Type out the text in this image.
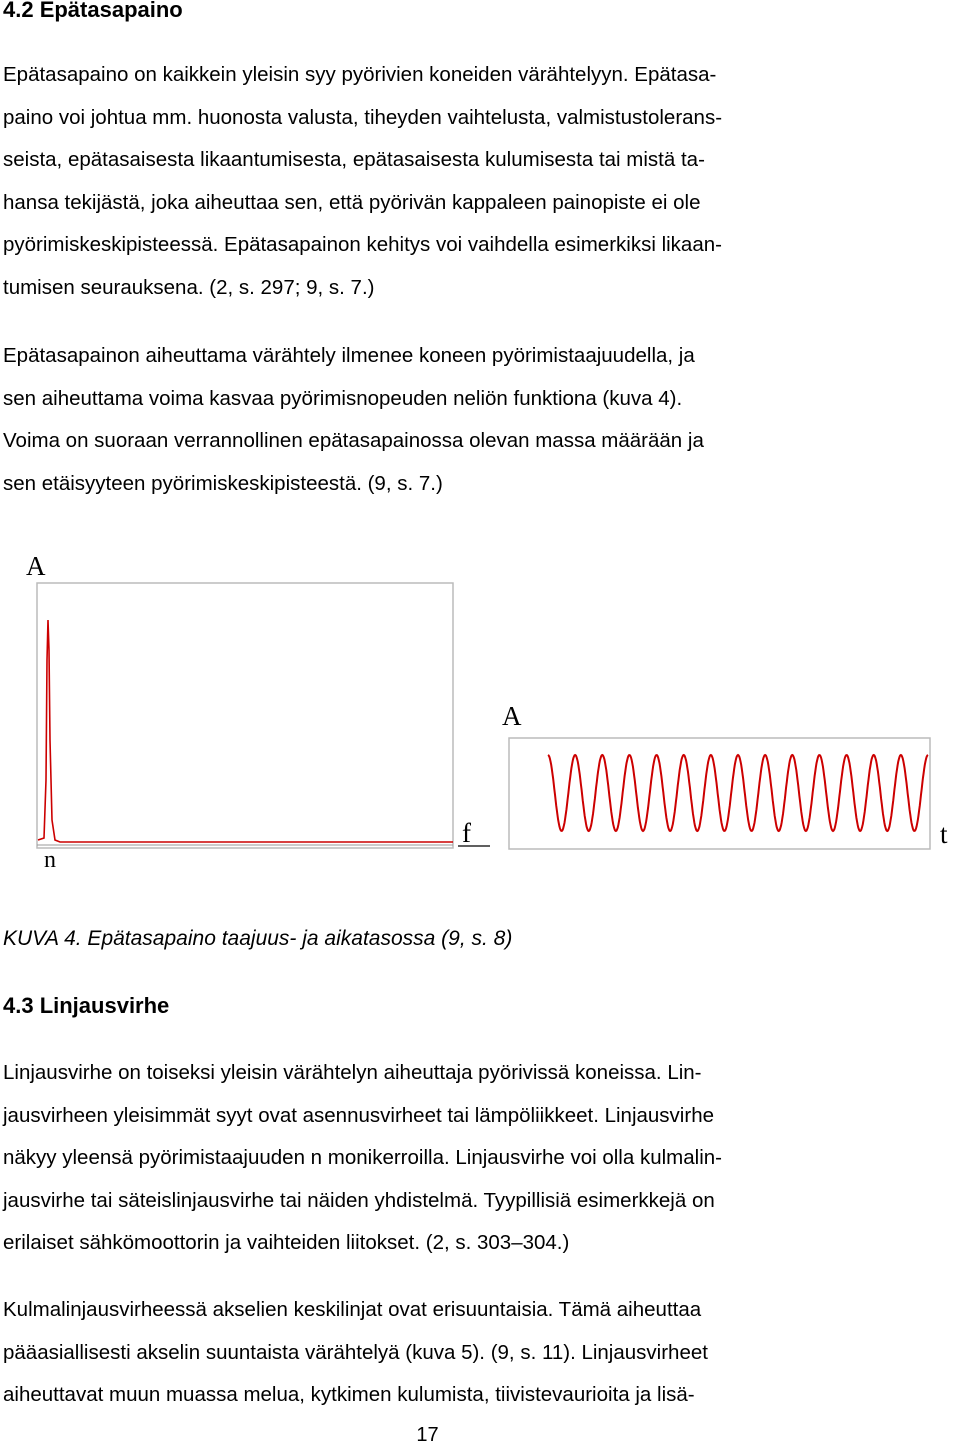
4.2 Epätasapaino
Epätasapaino on kaikkein yleisin syy pyörivien koneiden värähtelyyn. Epätasa-
paino voi johtua mm. huonosta valusta, tiheyden vaihtelusta, valmistustolerans-
seista, epätasaisesta likaantumisesta, epätasaisesta kulumisesta tai mistä ta-
hansa tekijästä, joka aiheuttaa sen, että pyörivän kappaleen painopiste ei ole
pyörimiskeskipisteessä. Epätasapainon kehitys voi vaihdella esimerkiksi likaan-
tumisen seurauksena. (2, s. 297; 9, s. 7.)
Epätasapainon aiheuttama värähtely ilmenee koneen pyörimistaajuudella, ja
sen aiheuttama voima kasvaa pyörimisnopeuden neliön funktiona (kuva 4).
Voima on suoraan verrannollinen epätasapainossa olevan massa määrään ja
sen etäisyyteen pyörimiskeskipisteestä. (9, s. 7.)
A
f
n
A
t

KUVA 4. Epätasapaino taajuus- ja aikatasossa (9, s. 8)

4.3 Linjausvirhe
Linjausvirhe on toiseksi yleisin värähtelyn aiheuttaja pyörivissä koneissa. Lin-
jausvirheen yleisimmät syyt ovat asennusvirheet tai lämpöliikkeet. Linjausvirhe
näkyy yleensä pyörimistaajuuden n monikerroilla. Linjausvirhe voi olla kulmalin-
jausvirhe tai säteislinjausvirhe tai näiden yhdistelmä. Tyypillisiä esimerkkejä on
erilaiset sähkömoottorin ja vaihteiden liitokset. (2, s. 303–304.)
Kulmalinjausvirheessä akselien keskilinjat ovat erisuuntaisia. Tämä aiheuttaa
pääasiallisesti akselin suuntaista värähtelyä (kuva 5). (9, s. 11). Linjausvirheet
aiheuttavat muun muassa melua, kytkimen kulumista, tiivistevaurioita ja lisä-
17
